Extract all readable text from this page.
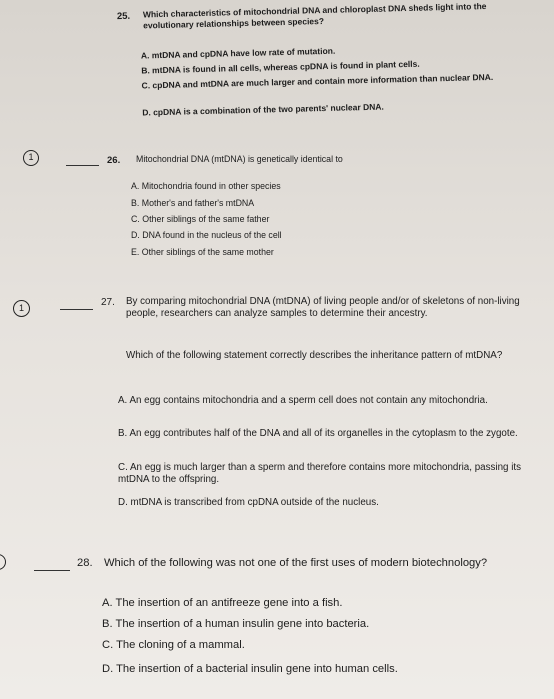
25. Which characteristics of mitochondrial DNA and chloroplast DNA sheds light into the evolutionary relationships between species?
A. mtDNA and cpDNA have low rate of mutation.
B. mtDNA is found in all cells, whereas cpDNA is found in plant cells.
C. cpDNA and mtDNA are much larger and contain more information than nuclear DNA.
D. cpDNA is a combination of the two parents' nuclear DNA.
1	26. Mitochondrial DNA (mtDNA) is genetically identical to
A. Mitochondria found in other species
B. Mother's and father's mtDNA
C. Other siblings of the same father
D. DNA found in the nucleus of the cell
E. Other siblings of the same mother
1	27. By comparing mitochondrial DNA (mtDNA) of living people and/or of skeletons of non-living people, researchers can analyze samples to determine their ancestry.
Which of the following statement correctly describes the inheritance pattern of mtDNA?
A. An egg contains mitochondria and a sperm cell does not contain any mitochondria.
B. An egg contributes half of the DNA and all of its organelles in the cytoplasm to the zygote.
C. An egg is much larger than a sperm and therefore contains more mitochondria, passing its mtDNA to the offspring.
D. mtDNA is transcribed from cpDNA outside of the nucleus.
28. Which of the following was not one of the first uses of modern biotechnology?
A. The insertion of an antifreeze gene into a fish.
B. The insertion of a human insulin gene into bacteria.
C. The cloning of a mammal.
D. The insertion of a bacterial insulin gene into human cells.
